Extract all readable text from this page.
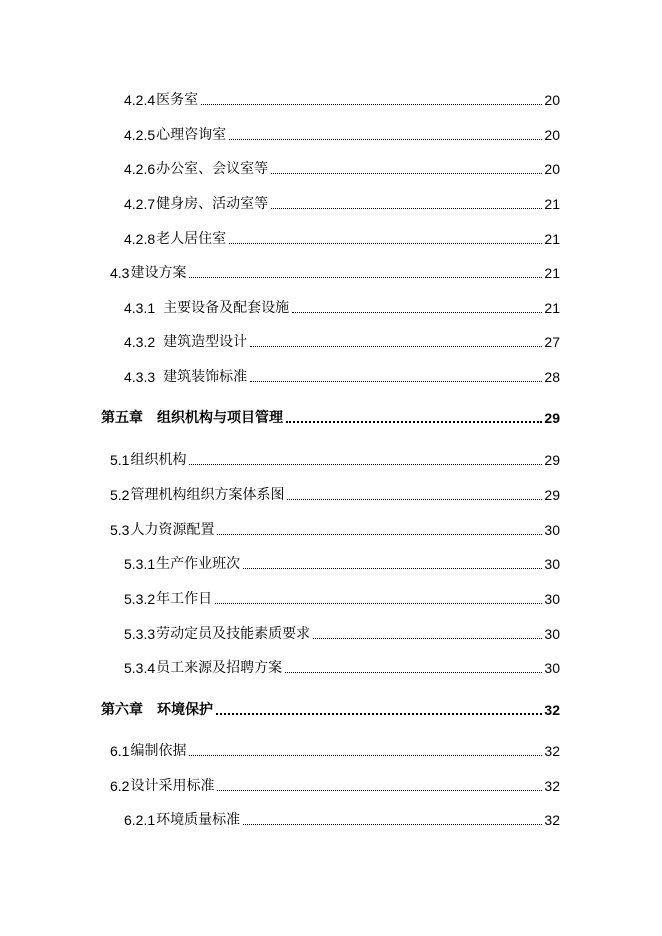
4.2.4 医务室	20
4.2.5 心理咨询室	20
4.2.6 办公室、会议室等	20
4.2.7 健身房、活动室等	21
4.2.8 老人居住室	21
4.3 建设方案	21
4.3.1 主要设备及配套设施	21
4.3.2 建筑造型设计	27
4.3.3 建筑装饰标准	28
第五章 组织机构与项目管理	29
5.1 组织机构	29
5.2 管理机构组织方案体系图	29
5.3 人力资源配置	30
5.3.1 生产作业班次	30
5.3.2 年工作日	30
5.3.3 劳动定员及技能素质要求	30
5.3.4 员工来源及招聘方案	30
第六章 环境保护	32
6.1 编制依据	32
6.2 设计采用标准	32
6.2.1 环境质量标准	32
